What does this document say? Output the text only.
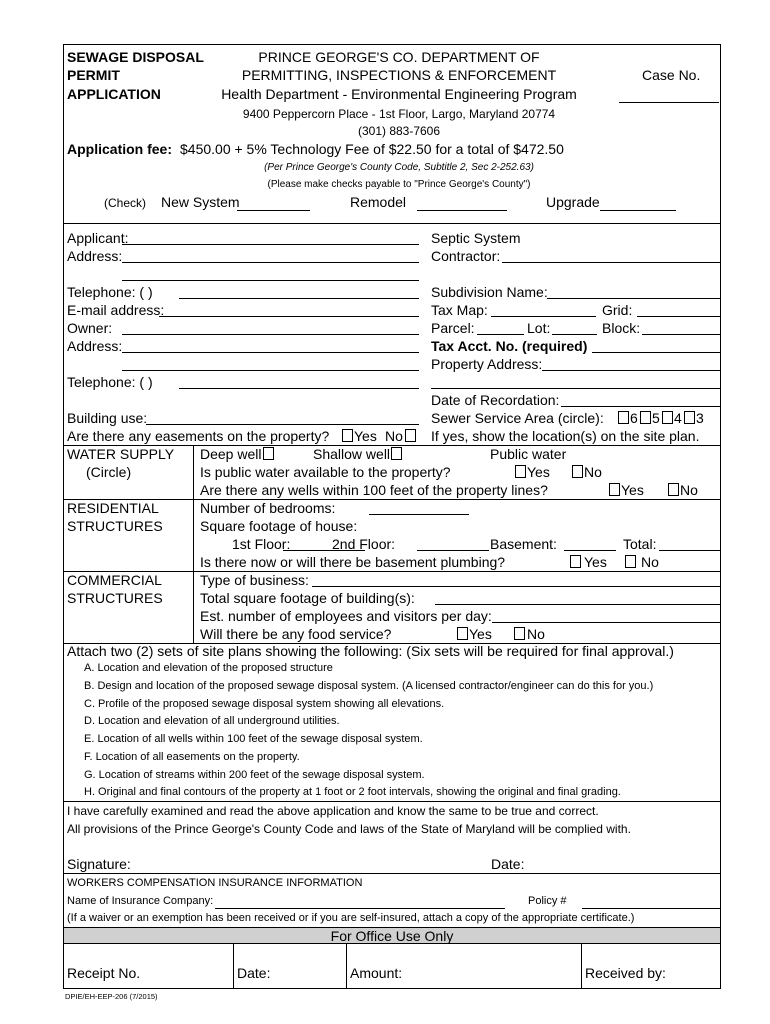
SEWAGE DISPOSAL
PERMIT
APPLICATION
PRINCE GEORGE'S CO. DEPARTMENT OF
PERMITTING, INSPECTIONS & ENFORCEMENT
Health Department - Environmental Engineering Program
9400 Peppercorn Place - 1st Floor, Largo, Maryland 20774
(301) 883-7606
Case No.
Application fee: $450.00 + 5% Technology Fee of $22.50 for a total of $472.50
(Per Prince George's County Code, Subtitle 2, Sec 2-252.63)
(Please make checks payable to "Prince George's County")
(Check) New System	Remodel	Upgrade
Applicant:
Address:
Telephone: ( )
E-mail address:
Owner:
Address:
Telephone: ( )
Building use:
Are there any easements on the property? Yes No
Septic System
Contractor:
Subdivision Name:
Tax Map:	Grid:
Parcel:	Lot:	Block:
Tax Acct. No. (required)
Property Address:
Date of Recordation:
Sewer Service Area (circle): 6 5 4 3
If yes, show the location(s) on the site plan.
WATER SUPPLY
(Circle)
Deep well	Shallow well	Public water
Is public water available to the property?	Yes No
Are there any wells within 100 feet of the property lines?	Yes	No
RESIDENTIAL
STRUCTURES
Number of bedrooms:
Square footage of house:
1st Floor:	2nd Floor:	Basement:	Total:
Is there now or will there be basement plumbing?	Yes No
COMMERCIAL
STRUCTURES
Type of business:
Total square footage of building(s):
Est. number of employees and visitors per day:
Will there be any food service?	Yes	No
Attach two (2) sets of site plans showing the following: (Six sets will be required for final approval.)
A. Location and elevation of the proposed structure
B. Design and location of the proposed sewage disposal system. (A licensed contractor/engineer can do this for you.)
C. Profile of the proposed sewage disposal system showing all elevations.
D. Location and elevation of all underground utilities.
E. Location of all wells within 100 feet of the sewage disposal system.
F. Location of all easements on the property.
G. Location of streams within 200 feet of the sewage disposal system.
H. Original and final contours of the property at 1 foot or 2 foot intervals, showing the original and final grading.
I have carefully examined and read the above application and know the same to be true and correct.
All provisions of the Prince George's County Code and laws of the State of Maryland will be complied with.
Signature:	Date:
WORKERS COMPENSATION INSURANCE INFORMATION
Name of Insurance Company:	Policy #
(If a waiver or an exemption has been received or if you are self-insured, attach a copy of the appropriate certificate.)
For Office Use Only
Receipt No.	Date:	Amount:	Received by:
DPIE/EH-EEP-206 (7/2015)
